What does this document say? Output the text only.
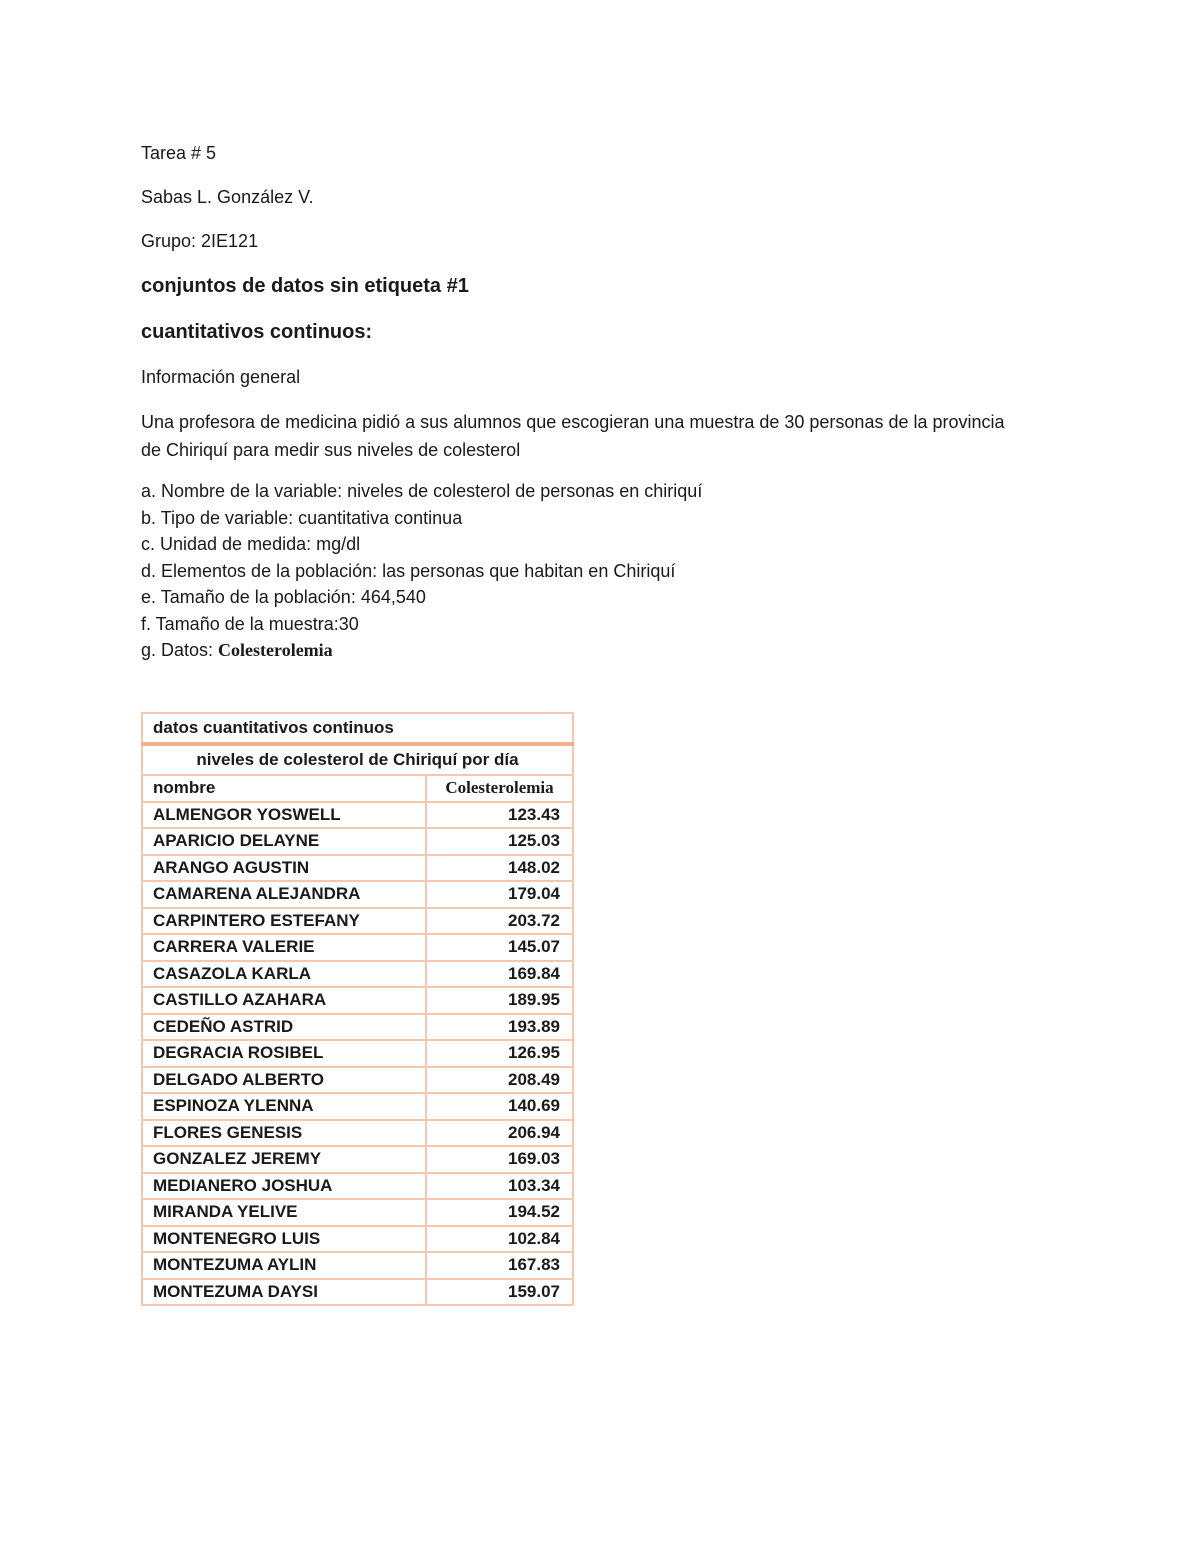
Tarea # 5

Sabas L. González V.

Grupo: 2IE121

conjuntos de datos sin etiqueta #1

cuantitativos continuos:

Información general

Una profesora de medicina pidió a sus alumnos que escogieran una muestra de 30 personas de la provincia de Chiriquí para medir sus niveles de colesterol

a. Nombre de la variable: niveles de colesterol de personas en chiriquí

b. Tipo de variable: cuantitativa continua

c. Unidad de medida: mg/dl

d. Elementos de la población: las personas que habitan en Chiriquí

e. Tamaño de la población: 464,540

f. Tamaño de la muestra:30

g. Datos: Colesterolemia

datos cuantitativos continuos	
niveles de colesterol de Chiriquí por día	
nombre	Colesterolemia
ALMENGOR YOSWELL	123.43
APARICIO DELAYNE	125.03
ARANGO AGUSTIN	148.02
CAMARENA ALEJANDRA	179.04
CARPINTERO ESTEFANY	203.72
CARRERA VALERIE	145.07
CASAZOLA KARLA	169.84
CASTILLO AZAHARA	189.95
CEDEÑO ASTRID	193.89
DEGRACIA ROSIBEL	126.95
DELGADO ALBERTO	208.49
ESPINOZA YLENNA	140.69
FLORES GENESIS	206.94
GONZALEZ JEREMY	169.03
MEDIANERO JOSHUA	103.34
MIRANDA YELIVE	194.52
MONTENEGRO LUIS	102.84
MONTEZUMA AYLIN	167.83
MONTEZUMA DAYSI	159.07
